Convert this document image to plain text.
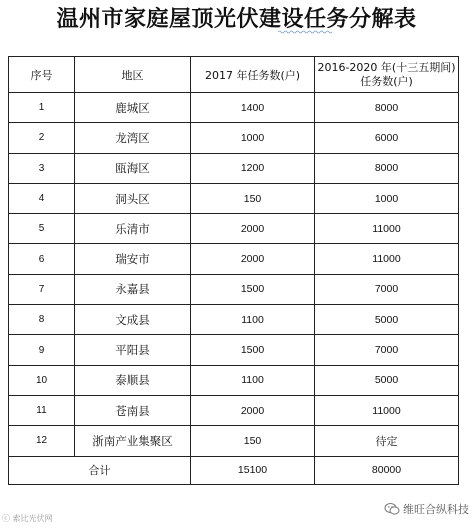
温州市家庭屋顶光伏建设任务分解表
序号	地区	2017 年任务数(户)	2016-2020 年(十三五期间)任务数(户)
1	鹿城区	1400	8000
2	龙湾区	1000	6000
3	瓯海区	1200	8000
4	洞头区	150	1000
5	乐清市	2000	11000
6	瑞安市	2000	11000
7	永嘉县	1500	7000
8	文成县	1100	5000
9	平阳县	1500	7000
10	泰顺县	1100	5000
11	苍南县	2000	11000
12	浙南产业集聚区	150	待定
合计		15100	80000
ⓒ 索比光伏网
维旺合纵科技
